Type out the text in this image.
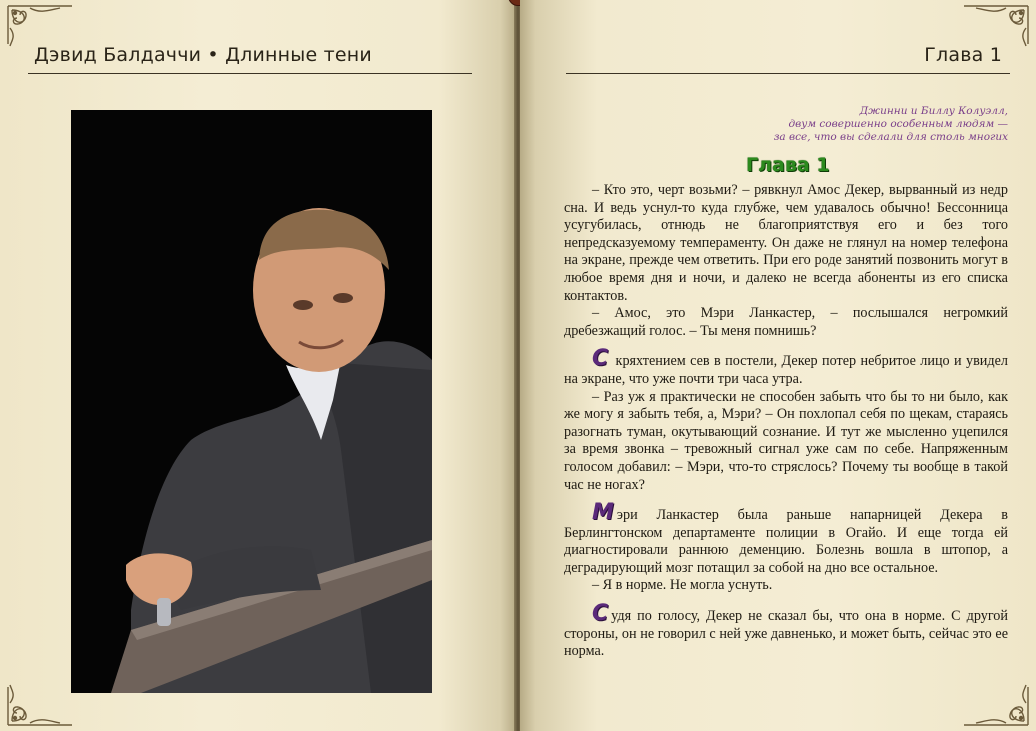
Дэвид Балдаччи • Длинные тени	Глава 1
Джинни и Биллу Колуэлл,
двум совершенно особенным людям —
за все, что вы сделали для столь многих
Глава 1

– Кто это, черт возьми? – рявкнул Амос Декер, вырванный из недр сна. И ведь уснул-то куда глубже, чем удавалось обычно! Бессонница усугубилась, отнюдь не благоприятствуя его и без того непредсказуемому темпераменту. Он даже не глянул на номер телефона на экране, прежде чем ответить. При его роде занятий позвонить могут в любое время дня и ночи, и далеко не всегда абоненты из его списка контактов.

– Амос, это Мэри Ланкастер, – послышался негромкий дребезжащий голос. – Ты меня помнишь?

С кряхтением сев в постели, Декер потер небритое лицо и увидел на экране, что уже почти три часа утра.

– Раз уж я практически не способен забыть что бы то ни было, как же могу я забыть тебя, а, Мэри? – Он похлопал себя по щекам, стараясь разогнать туман, окутывающий сознание. И тут же мысленно уцепился за время звонка – тревожный сигнал уже сам по себе. Напряженным голосом добавил: – Мэри, что-то стряслось? Почему ты вообще в такой час не ногах?

Мэри Ланкастер была раньше напарницей Декера в Берлингтонском департаменте полиции в Огайо. И еще тогда ей диагностировали раннюю деменцию. Болезнь вошла в штопор, а деградирующий мозг потащил за собой на дно все остальное.

– Я в норме. Не могла уснуть.

Судя по голосу, Декер не сказал бы, что она в норме. С другой стороны, он не говорил с ней уже давненько, и может быть, сейчас это ее норма.
